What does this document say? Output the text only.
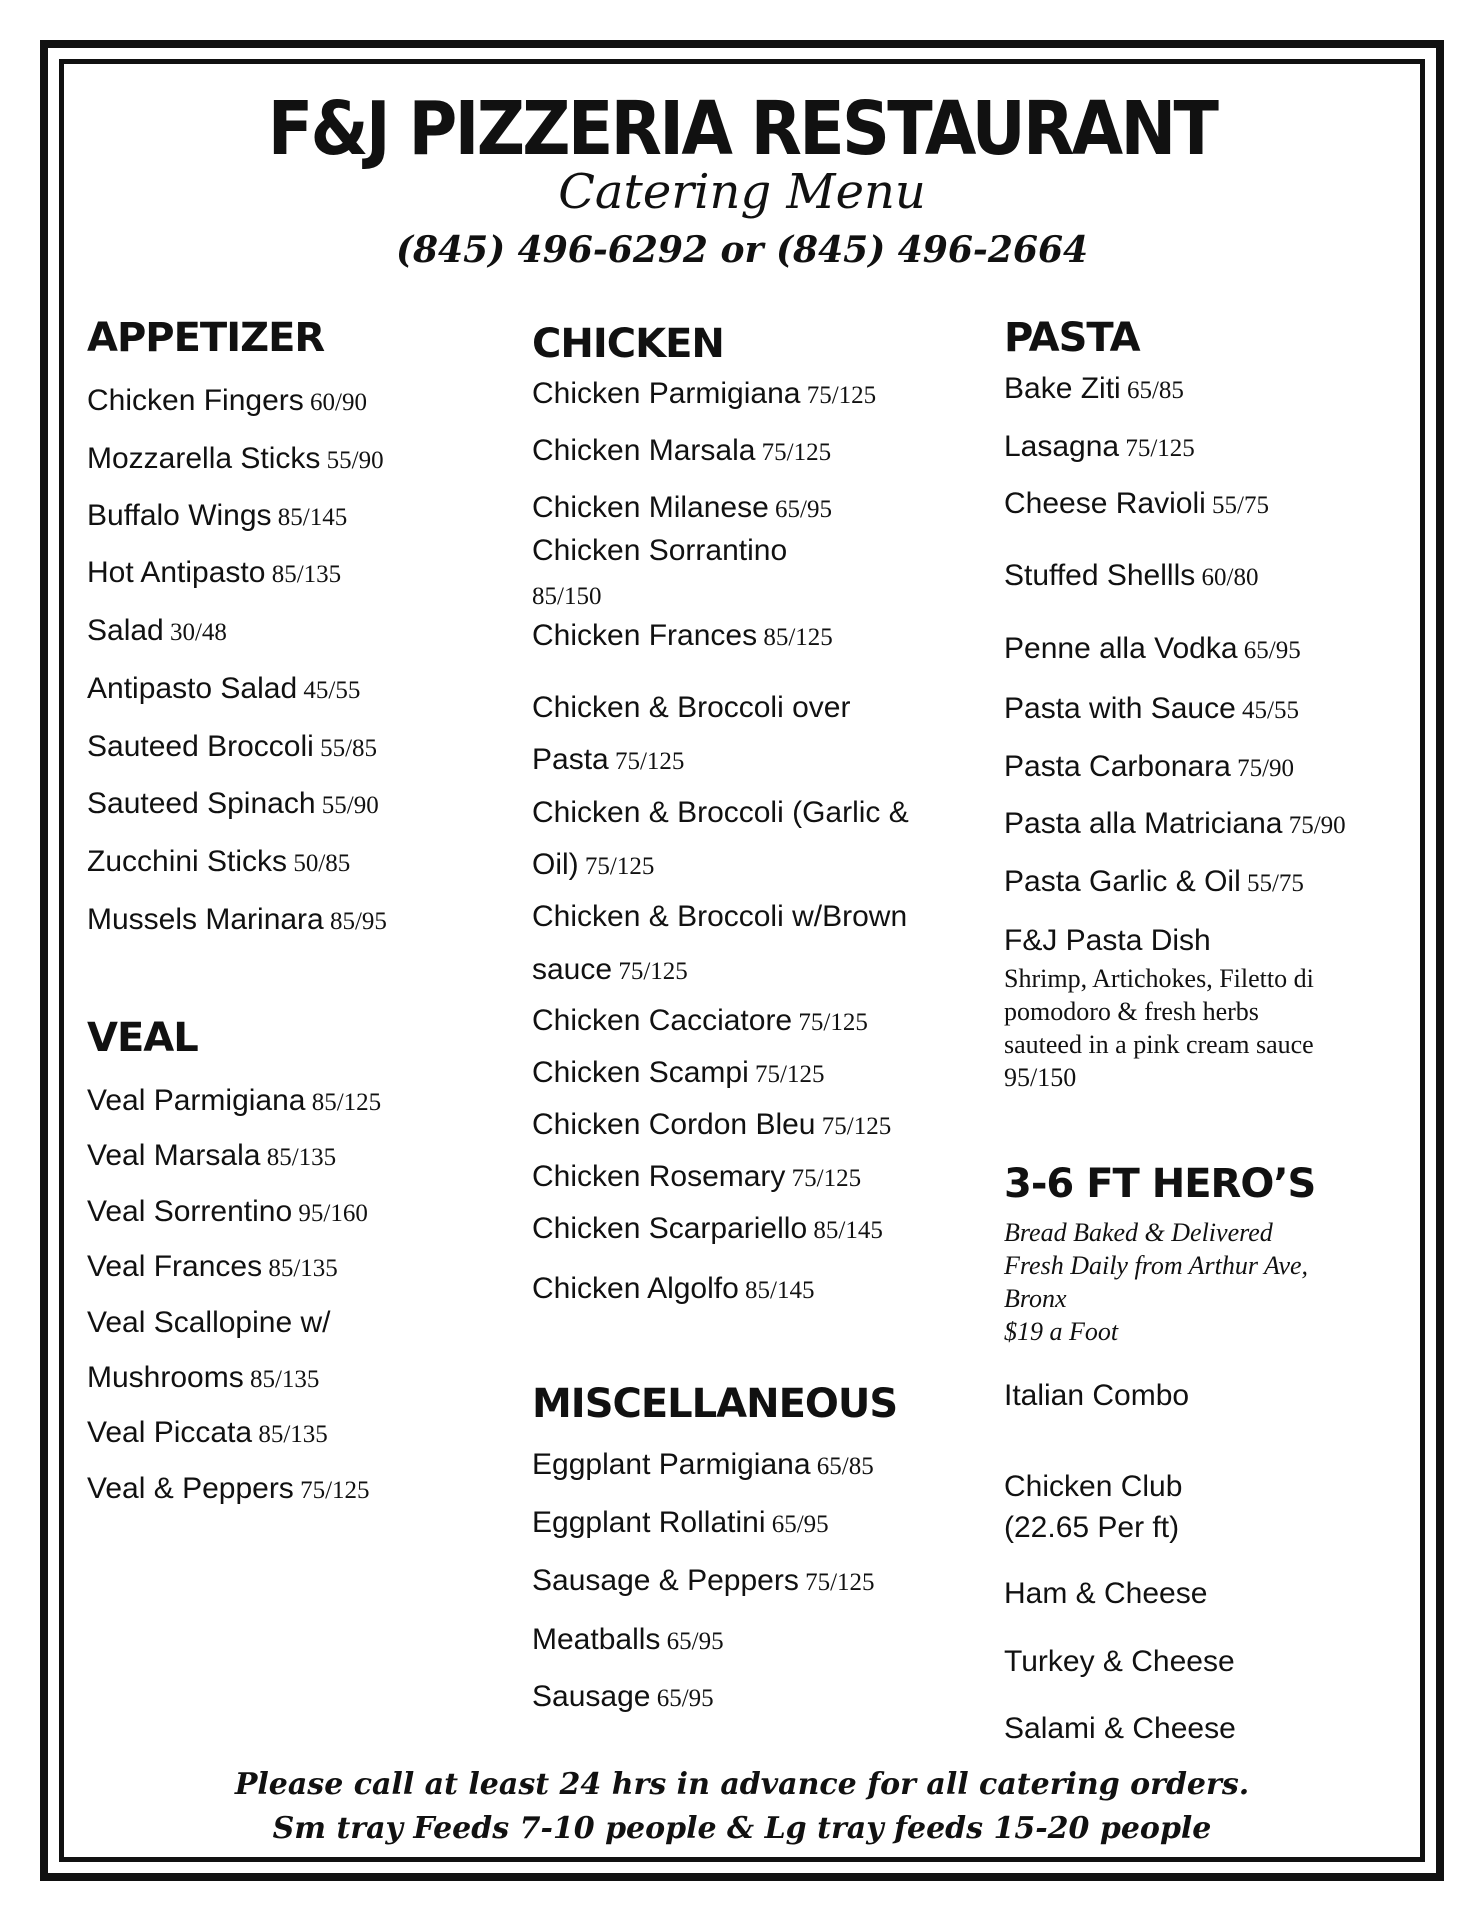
F&J PIZZERIA RESTAURANT
Catering Menu
(845) 496-6292 or (845) 496-2664
APPETIZER
Chicken Fingers 60/90
Mozzarella Sticks 55/90
Buffalo Wings 85/145
Hot Antipasto 85/135
Salad 30/48
Antipasto Salad 45/55
Sauteed Broccoli 55/85
Sauteed Spinach 55/90
Zucchini Sticks 50/85
Mussels Marinara 85/95
VEAL
Veal Parmigiana 85/125
Veal Marsala 85/135
Veal Sorrentino 95/160
Veal Frances 85/135
Veal Scallopine w/
Mushrooms 85/135
Veal Piccata 85/135
Veal & Peppers 75/125
CHICKEN
Chicken Parmigiana 75/125
Chicken Marsala 75/125
Chicken Milanese 65/95
Chicken Sorrantino
85/150
Chicken Frances 85/125
Chicken & Broccoli over
Pasta 75/125
Chicken & Broccoli (Garlic &
Oil) 75/125
Chicken & Broccoli w/Brown
sauce 75/125
Chicken Cacciatore 75/125
Chicken Scampi 75/125
Chicken Cordon Bleu 75/125
Chicken Rosemary 75/125
Chicken Scarpariello 85/145
Chicken Algolfo 85/145
MISCELLANEOUS
Eggplant Parmigiana 65/85
Eggplant Rollatini 65/95
Sausage & Peppers 75/125
Meatballs 65/95
Sausage 65/95
PASTA
Bake Ziti 65/85
Lasagna 75/125
Cheese Ravioli 55/75
Stuffed Shellls 60/80
Penne alla Vodka 65/95
Pasta with Sauce 45/55
Pasta Carbonara 75/90
Pasta alla Matriciana 75/90
Pasta Garlic & Oil 55/75
F&J Pasta Dish
Shrimp, Artichokes, Filetto di
pomodoro & fresh herbs
sauteed in a pink cream sauce
95/150
3-6 FT HERO’S
Bread Baked & Delivered
Fresh Daily from Arthur Ave,
Bronx
$19 a Foot
Italian Combo
Chicken Club
(22.65 Per ft)
Ham & Cheese
Turkey & Cheese
Salami & Cheese
Please call at least 24 hrs in advance for all catering orders.
Sm tray Feeds 7-10 people & Lg tray feeds 15-20 people
